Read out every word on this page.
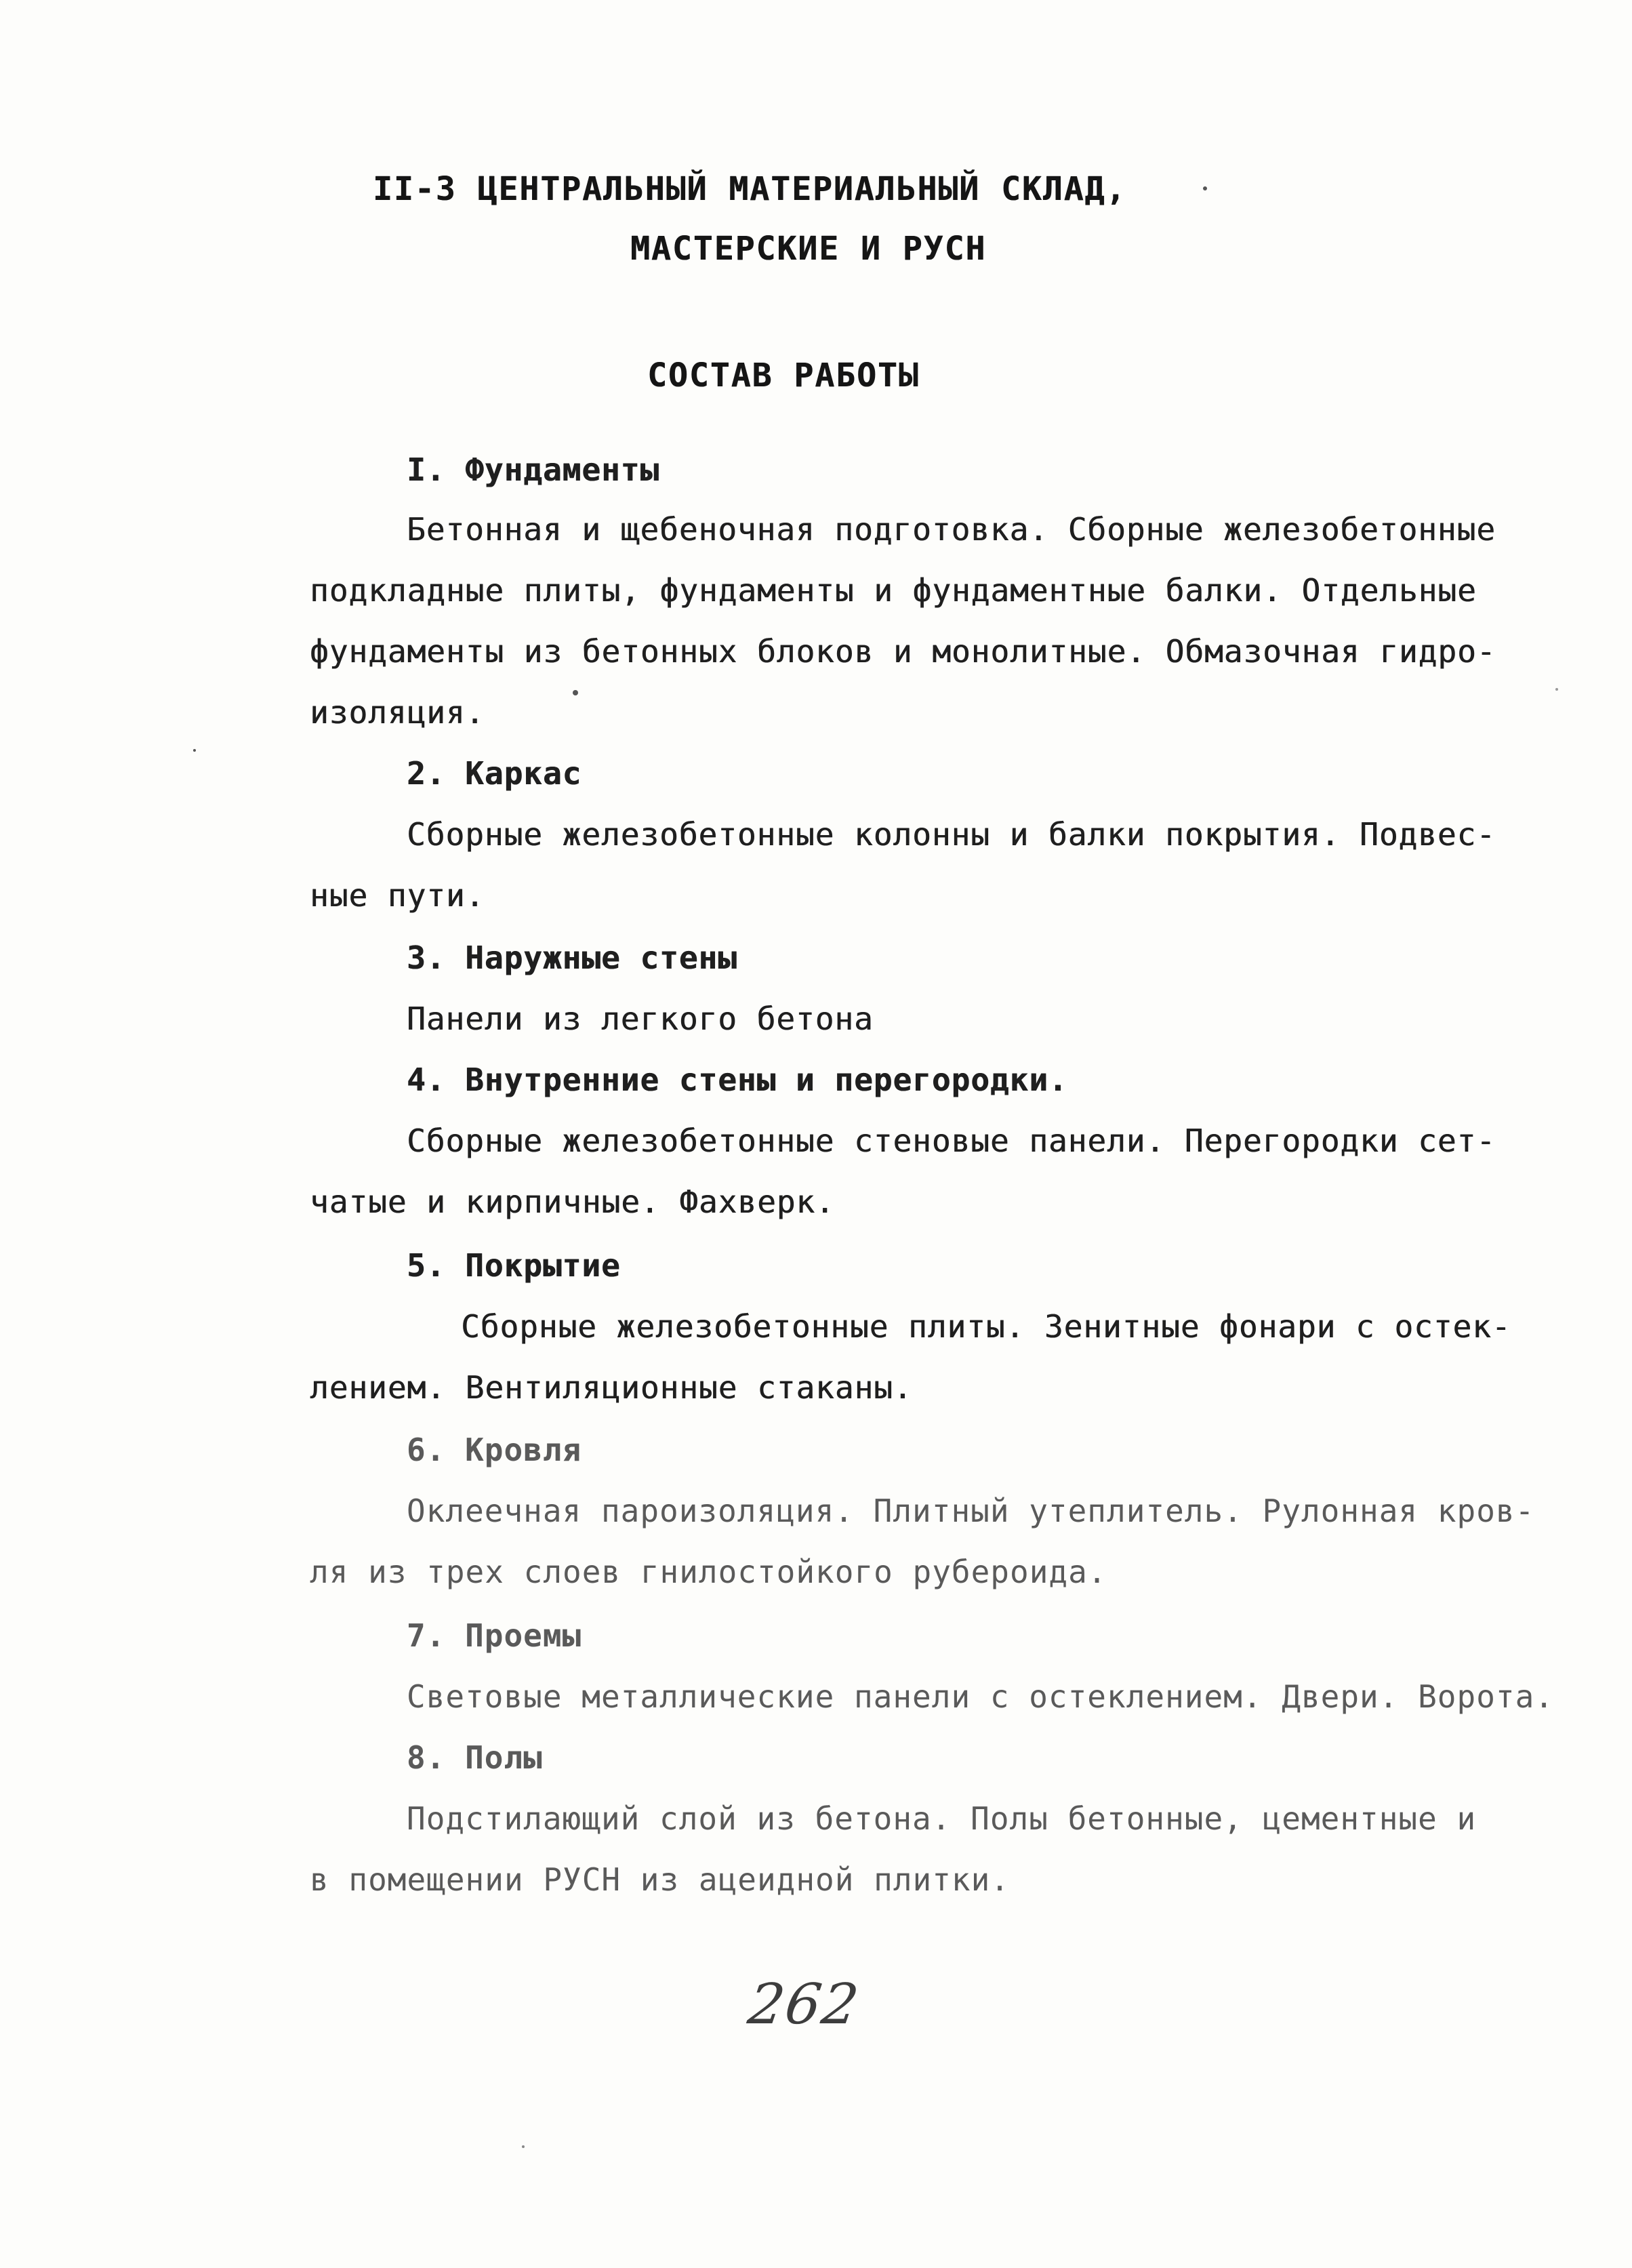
II-3 ЦЕНТРАЛЬНЫЙ МАТЕРИАЛЬНЫЙ СКЛАД,

МАСТЕРСКИЕ И РУСН

СОСТАВ РАБОТЫ

I. Фундаменты

Бетонная и щебеночная подготовка. Сборные железобетонные

подкладные плиты, фундаменты и фундаментные балки. Отдельные

фундаменты из бетонных блоков и монолитные. Обмазочная гидро-

изоляция.

2. Каркас

Сборные железобетонные колонны и балки покрытия. Подвес-

ные пути.

3. Наружные стены

Панели из легкого бетона

4. Внутренние стены и перегородки.

Сборные железобетонные стеновые панели. Перегородки сет-

чатые и кирпичные. Фахверк.

5. Покрытие

Сборные железобетонные плиты. Зенитные фонари с остек-

лением. Вентиляционные стаканы.

6. Кровля

Оклеечная пароизоляция. Плитный утеплитель. Рулонная кров-

ля из трех слоев гнилостойкого рубероида.

7. Проемы

Световые металлические панели с остеклением. Двери. Ворота.

8. Полы

Подстилающий слой из бетона. Полы бетонные, цементные и

в помещении РУСН из ацеидной плитки.

262
